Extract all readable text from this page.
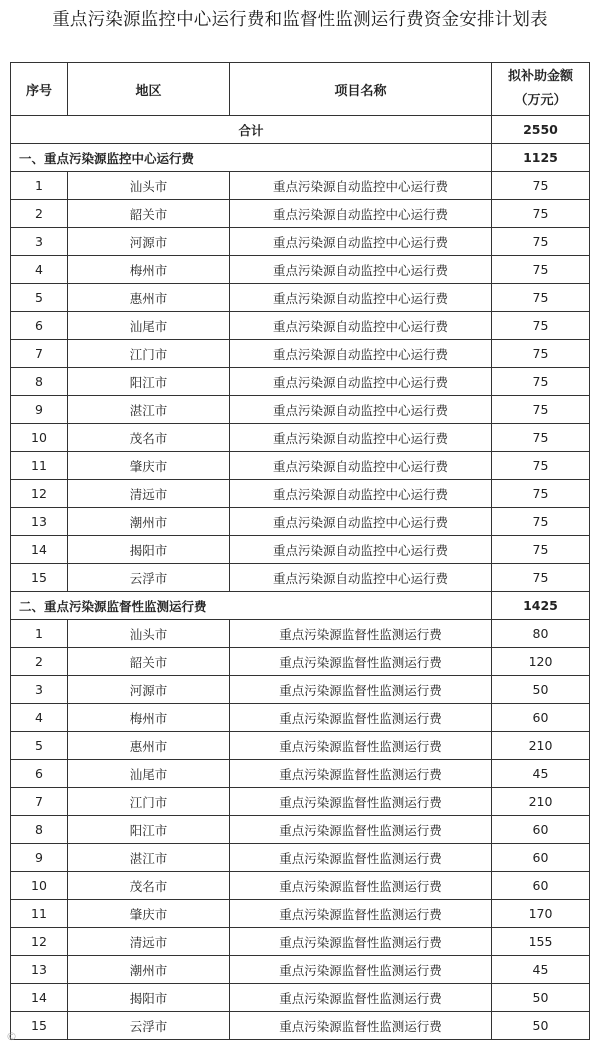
重点污染源监控中心运行费和监督性监测运行费资金安排计划表
序号	地区	项目名称	拟补助金额
（万元）

合计			2550
一、重点污染源监控中心运行费			1125
1	汕头市	重点污染源自动监控中心运行费	75
2	韶关市	重点污染源自动监控中心运行费	75
3	河源市	重点污染源自动监控中心运行费	75
4	梅州市	重点污染源自动监控中心运行费	75
5	惠州市	重点污染源自动监控中心运行费	75
6	汕尾市	重点污染源自动监控中心运行费	75
7	江门市	重点污染源自动监控中心运行费	75
8	阳江市	重点污染源自动监控中心运行费	75
9	湛江市	重点污染源自动监控中心运行费	75
10	茂名市	重点污染源自动监控中心运行费	75
11	肇庆市	重点污染源自动监控中心运行费	75
12	清远市	重点污染源自动监控中心运行费	75
13	潮州市	重点污染源自动监控中心运行费	75
14	揭阳市	重点污染源自动监控中心运行费	75
15	云浮市	重点污染源自动监控中心运行费	75
二、重点污染源监督性监测运行费			1425
1	汕头市	重点污染源监督性监测运行费	80
2	韶关市	重点污染源监督性监测运行费	120
3	河源市	重点污染源监督性监测运行费	50
4	梅州市	重点污染源监督性监测运行费	60
5	惠州市	重点污染源监督性监测运行费	210
6	汕尾市	重点污染源监督性监测运行费	45
7	江门市	重点污染源监督性监测运行费	210
8	阳江市	重点污染源监督性监测运行费	60
9	湛江市	重点污染源监督性监测运行费	60
10	茂名市	重点污染源监督性监测运行费	60
11	肇庆市	重点污染源监督性监测运行费	170
12	清远市	重点污染源监督性监测运行费	155
13	潮州市	重点污染源监督性监测运行费	45
14	揭阳市	重点污染源监督性监测运行费	50
15	云浮市	重点污染源监督性监测运行费	50
©
